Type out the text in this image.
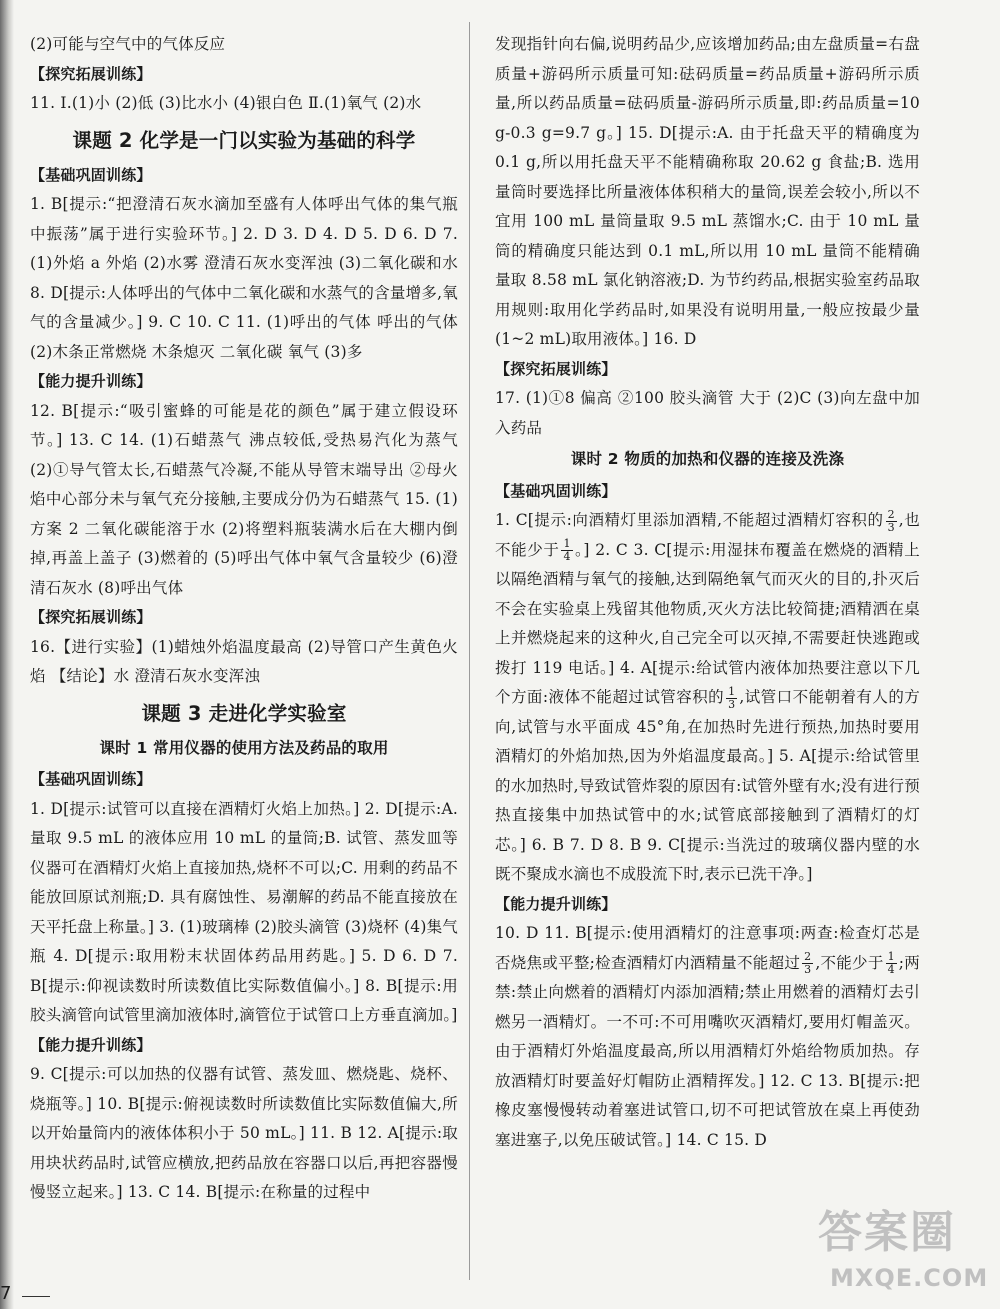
(2)可能与空气中的气体反应

【探究拓展训练】

11. Ⅰ.(1)小 (2)低 (3)比水小 (4)银白色 Ⅱ.(1)氧气 (2)水

课题 2 化学是一门以实验为基础的科学

【基础巩固训练】

1. B[提示:“把澄清石灰水滴加至盛有人体呼出气体的集气瓶中振荡”属于进行实验环节。] 2. D 3. D 4. D 5. D 6. D 7. (1)外焰 a 外焰 (2)水雾 澄清石灰水变浑浊 (3)二氧化碳和水 8. D[提示:人体呼出的气体中二氧化碳和水蒸气的含量增多,氧气的含量减少。] 9. C 10. C 11. (1)呼出的气体 呼出的气体 (2)木条正常燃烧 木条熄灭 二氧化碳 氧气 (3)多

【能力提升训练】

12. B[提示:“吸引蜜蜂的可能是花的颜色”属于建立假设环节。] 13. C 14. (1)石蜡蒸气 沸点较低,受热易汽化为蒸气 (2)①导气管太长,石蜡蒸气冷凝,不能从导管末端导出 ②母火焰中心部分未与氧气充分接触,主要成分仍为石蜡蒸气 15. (1)方案 2 二氧化碳能溶于水 (2)将塑料瓶装满水后在大棚内倒掉,再盖上盖子 (3)燃着的 (5)呼出气体中氧气含量较少 (6)澄清石灰水 (8)呼出气体

【探究拓展训练】

16.【进行实验】(1)蜡烛外焰温度最高 (2)导管口产生黄色火焰 【结论】水 澄清石灰水变浑浊

课题 3 走进化学实验室

课时 1 常用仪器的使用方法及药品的取用

【基础巩固训练】

1. D[提示:试管可以直接在酒精灯火焰上加热。] 2. D[提示:A. 量取 9.5 mL 的液体应用 10 mL 的量筒;B. 试管、蒸发皿等仪器可在酒精灯火焰上直接加热,烧杯不可以;C. 用剩的药品不能放回原试剂瓶;D. 具有腐蚀性、易潮解的药品不能直接放在天平托盘上称量。] 3. (1)玻璃棒 (2)胶头滴管 (3)烧杯 (4)集气瓶 4. D[提示:取用粉末状固体药品用药匙。] 5. D 6. D 7. B[提示:仰视读数时所读数值比实际数值偏小。] 8. B[提示:用胶头滴管向试管里滴加液体时,滴管位于试管口上方垂直滴加。]

【能力提升训练】

9. C[提示:可以加热的仪器有试管、蒸发皿、燃烧匙、烧杯、烧瓶等。] 10. B[提示:俯视读数时所读数值比实际数值偏大,所以开始量筒内的液体体积小于 50 mL。] 11. B 12. A[提示:取用块状药品时,试管应横放,把药品放在容器口以后,再把容器慢慢竖立起来。] 13. C 14. B[提示:在称量的过程中

发现指针向右偏,说明药品少,应该增加药品;由左盘质量=右盘质量+游码所示质量可知:砝码质量=药品质量+游码所示质量,所以药品质量=砝码质量-游码所示质量,即:药品质量=10 g-0.3 g=9.7 g。] 15. D[提示:A. 由于托盘天平的精确度为 0.1 g,所以用托盘天平不能精确称取 20.62 g 食盐;B. 选用量筒时要选择比所量液体体积稍大的量筒,误差会较小,所以不宜用 100 mL 量筒量取 9.5 mL 蒸馏水;C. 由于 10 mL 量筒的精确度只能达到 0.1 mL,所以用 10 mL 量筒不能精确量取 8.58 mL 氯化钠溶液;D. 为节约药品,根据实验室药品取用规则:取用化学药品时,如果没有说明用量,一般应按最少量(1~2 mL)取用液体。] 16. D

【探究拓展训练】

17. (1)①8 偏高 ②100 胶头滴管 大于 (2)C (3)向左盘中加入药品

课时 2 物质的加热和仪器的连接及洗涤

【基础巩固训练】

1. C[提示:向酒精灯里添加酒精,不能超过酒精灯容积的 $\frac{2}{3}$ ,也不能少于 $\frac{1}{4}$ 。] 2. C 3. C[提示:用湿抹布覆盖在燃烧的酒精上以隔绝酒精与氧气的接触,达到隔绝氧气而灭火的目的,扑灭后不会在实验桌上残留其他物质,灭火方法比较简捷;酒精洒在桌上并燃烧起来的这种火,自己完全可以灭掉,不需要赶快逃跑或拨打 119 电话。] 4. A[提示:给试管内液体加热要注意以下几个方面:液体不能超过试管容积的 $\frac{1}{3}$ ,试管口不能朝着有人的方向,试管与水平面成 45°角,在加热时先进行预热,加热时要用酒精灯的外焰加热,因为外焰温度最高。] 5. A[提示:给试管里的水加热时,导致试管炸裂的原因有:试管外壁有水;没有进行预热直接集中加热试管中的水;试管底部接触到了酒精灯的灯芯。] 6. B 7. D 8. B 9. C[提示:当洗过的玻璃仪器内壁的水既不聚成水滴也不成股流下时,表示已洗干净。]

【能力提升训练】

10. D 11. B[提示:使用酒精灯的注意事项:两查:检查灯芯是否烧焦或平整;检查酒精灯内酒精量不能超过 $\frac{2}{3}$ ,不能少于 $\frac{1}{4}$ ;两禁:禁止向燃着的酒精灯内添加酒精;禁止用燃着的酒精灯去引燃另一酒精灯。一不可:不可用嘴吹灭酒精灯,要用灯帽盖灭。由于酒精灯外焰温度最高,所以用酒精灯外焰给物质加热。存放酒精灯时要盖好灯帽防止酒精挥发。] 12. C 13. B[提示:把橡皮塞慢慢转动着塞进试管口,切不可把试管放在桌上再使劲塞进塞子,以免压破试管。] 14. C 15. D

7
答案圈
MXQE.COM
